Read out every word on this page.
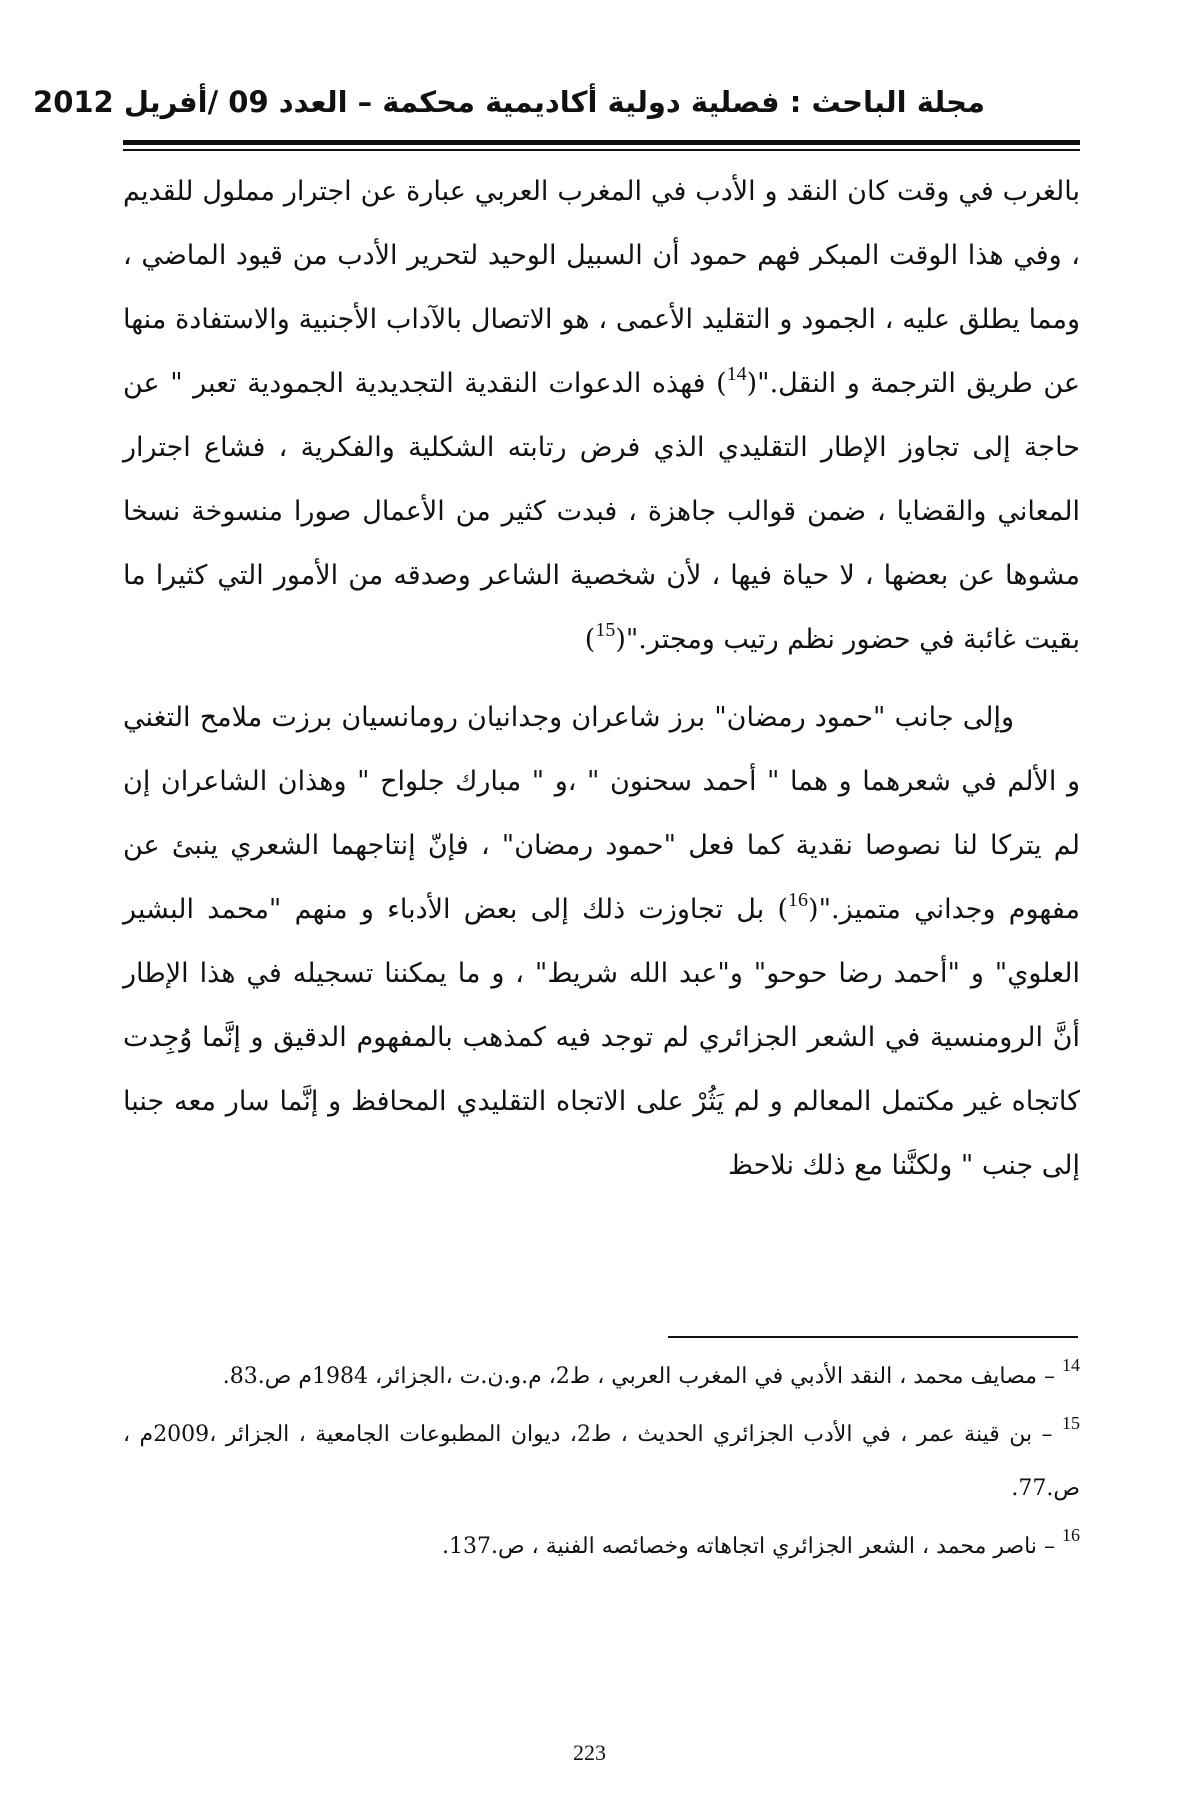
مجلة الباحث : فصلية دولية أكاديمية محكمة – العدد 09 /أفريل 2012

بالغرب في وقت كان النقد و الأدب في المغرب العربي عبارة عن اجترار مملول للقديم ، وفي هذا الوقت المبكر فهم حمود أن السبيل الوحيد لتحرير الأدب من قيود الماضي ، ومما يطلق عليه ، الجمود و التقليد الأعمى ، هو الاتصال بالآداب الأجنبية والاستفادة منها عن طريق الترجمة و النقل."($^{14}$) فهذه الدعوات النقدية التجديدية الجمودية تعبر " عن حاجة إلى تجاوز الإطار التقليدي الذي فرض رتابته الشكلية والفكرية ، فشاع اجترار المعاني والقضايا ، ضمن قوالب جاهزة ، فبدت كثير من الأعمال صورا منسوخة نسخا مشوها عن بعضها ، لا حياة فيها ، لأن شخصية الشاعر وصدقه من الأمور التي كثيرا ما بقيت غائبة في حضور نظم رتيب ومجتر."($^{15}$)

وإلى جانب "حمود رمضان" برز شاعران وجدانيان رومانسيان برزت ملامح التغني و الألم في شعرهما و هما " أحمد سحنون " ،و " مبارك جلواح " وهذان الشاعران إن لم يتركا لنا نصوصا نقدية كما فعل "حمود رمضان" ، فإنّ إنتاجهما الشعري ينبئ عن مفهوم وجداني متميز."($^{16}$) بل تجاوزت ذلك إلى بعض الأدباء و منهم "محمد البشير العلوي" و "أحمد رضا حوحو" و"عبد الله شريط" ، و ما يمكننا تسجيله في هذا الإطار أنَّ الرومنسية في الشعر الجزائري لم توجد فيه كمذهب بالمفهوم الدقيق و إنَّما وُجِدت كاتجاه غير مكتمل المعالم و لم يَثُرْ على الاتجاه التقليدي المحافظ و إنَّما سار معه جنبا إلى جنب " ولكنَّنا مع ذلك نلاحظ

$^{14}$ – مصايف محمد ، النقد الأدبي في المغرب العربي ، ط2، م.و.ن.ت ،الجزائر، 1984م ص.83.

$^{15}$ – بن قينة عمر ، في الأدب الجزائري الحديث ، ط2، ديوان المطبوعات الجامعية ، الجزائر ،2009م ، ص.77.

$^{16}$ – ناصر محمد ، الشعر الجزائري اتجاهاته وخصائصه الفنية ، ص.137.

223
